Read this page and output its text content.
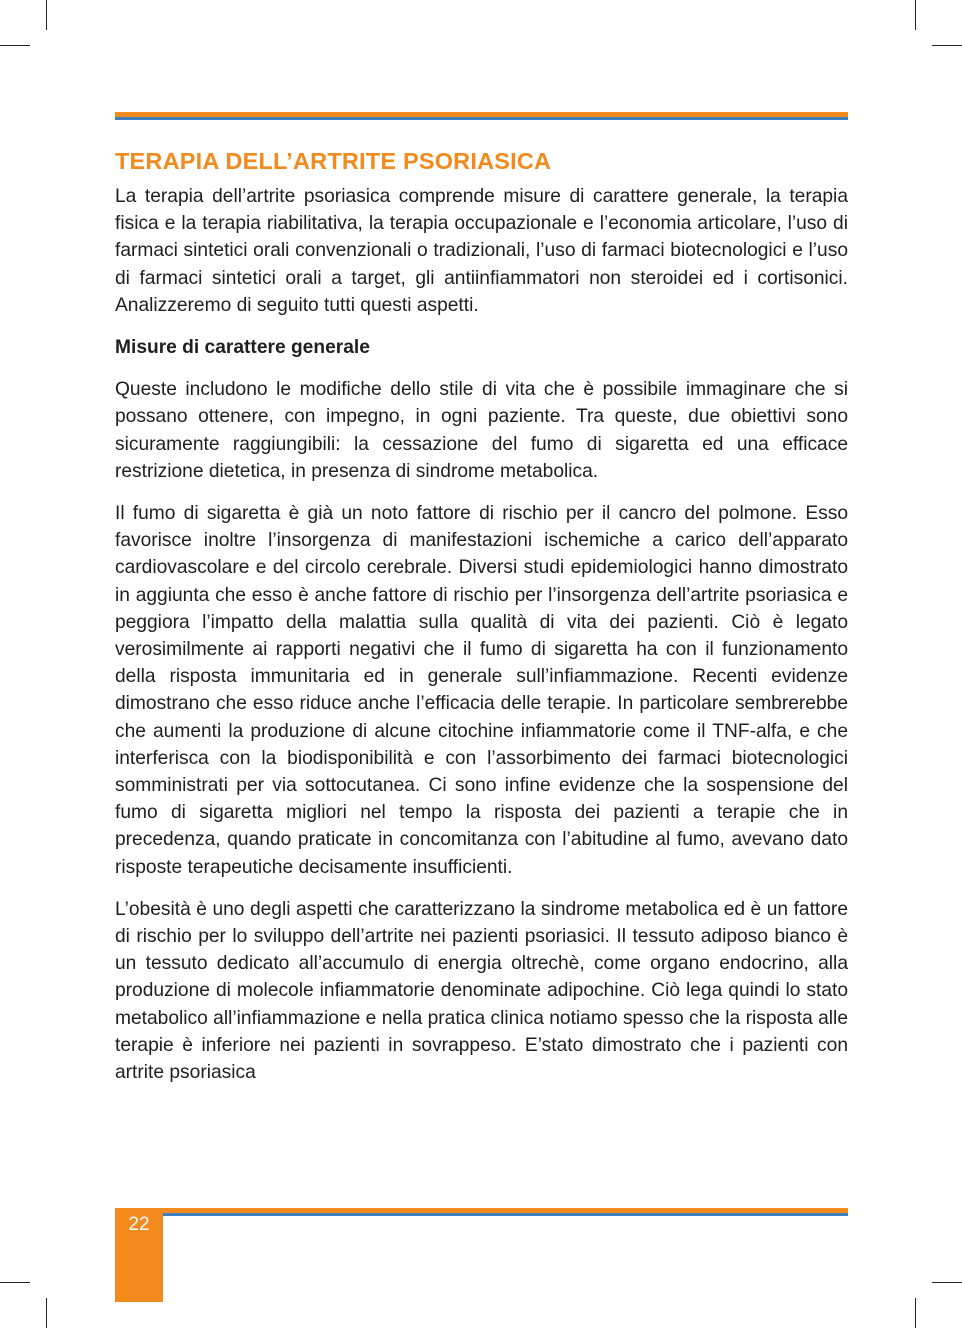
TERAPIA DELL’ARTRITE PSORIASICA

La terapia dell’artrite psoriasica comprende misure di carattere generale, la terapia fisica e la terapia riabilitativa, la terapia occupazionale e l’economia articolare, l’uso di farmaci sintetici orali convenzionali o tradizionali, l’uso di farmaci biotecnologici e l’uso di farmaci sintetici orali a target, gli antiinfiammatori non steroidei ed i cortisonici. Analizzeremo di seguito tutti questi aspetti.

Misure di carattere generale

Queste includono le modifiche dello stile di vita che è possibile immaginare che si possano ottenere, con impegno, in ogni paziente. Tra queste, due obiettivi sono sicuramente raggiungibili: la cessazione del fumo di sigaretta ed una efficace restrizione dietetica, in presenza di sindrome metabolica.

Il fumo di sigaretta è già un noto fattore di rischio per il cancro del polmone. Esso favorisce inoltre l’insorgenza di manifestazioni ischemiche a carico dell’apparato cardiovascolare e del circolo cerebrale. Diversi studi epidemiologici hanno dimostrato in aggiunta che esso è anche fattore di rischio per l’insorgenza dell’artrite psoriasica e peggiora l’impatto della malattia sulla qualità di vita dei pazienti. Ciò è legato verosimilmente ai rapporti negativi che il fumo di sigaretta ha con il funzionamento della risposta immunitaria ed in generale sull’infiammazione. Recenti evidenze dimostrano che esso riduce anche l’efficacia delle terapie. In particolare sembrerebbe che aumenti la produzione di alcune citochine infiammatorie come il TNF-alfa, e che interferisca con la biodisponibilità e con l’assorbimento dei farmaci biotecnologici somministrati per via sottocutanea. Ci sono infine evidenze che la sospensione del fumo di sigaretta migliori nel tempo la risposta dei pazienti a terapie che in precedenza, quando praticate in concomitanza con l’abitudine al fumo, avevano dato risposte terapeutiche decisamente insufficienti.

L’obesità è uno degli aspetti che caratterizzano la sindrome metabolica ed è un fattore di rischio per lo sviluppo dell’artrite nei pazienti psoriasici. Il tessuto adiposo bianco è un tessuto dedicato all’accumulo di energia oltrechè, come organo endocrino, alla produzione di molecole infiammatorie denominate adipochine. Ciò lega quindi lo stato metabolico all’infiammazione e nella pratica clinica notiamo spesso che la risposta alle terapie è inferiore nei pazienti in sovrappeso. E’stato dimostrato che i pazienti con artrite psoriasica

22
